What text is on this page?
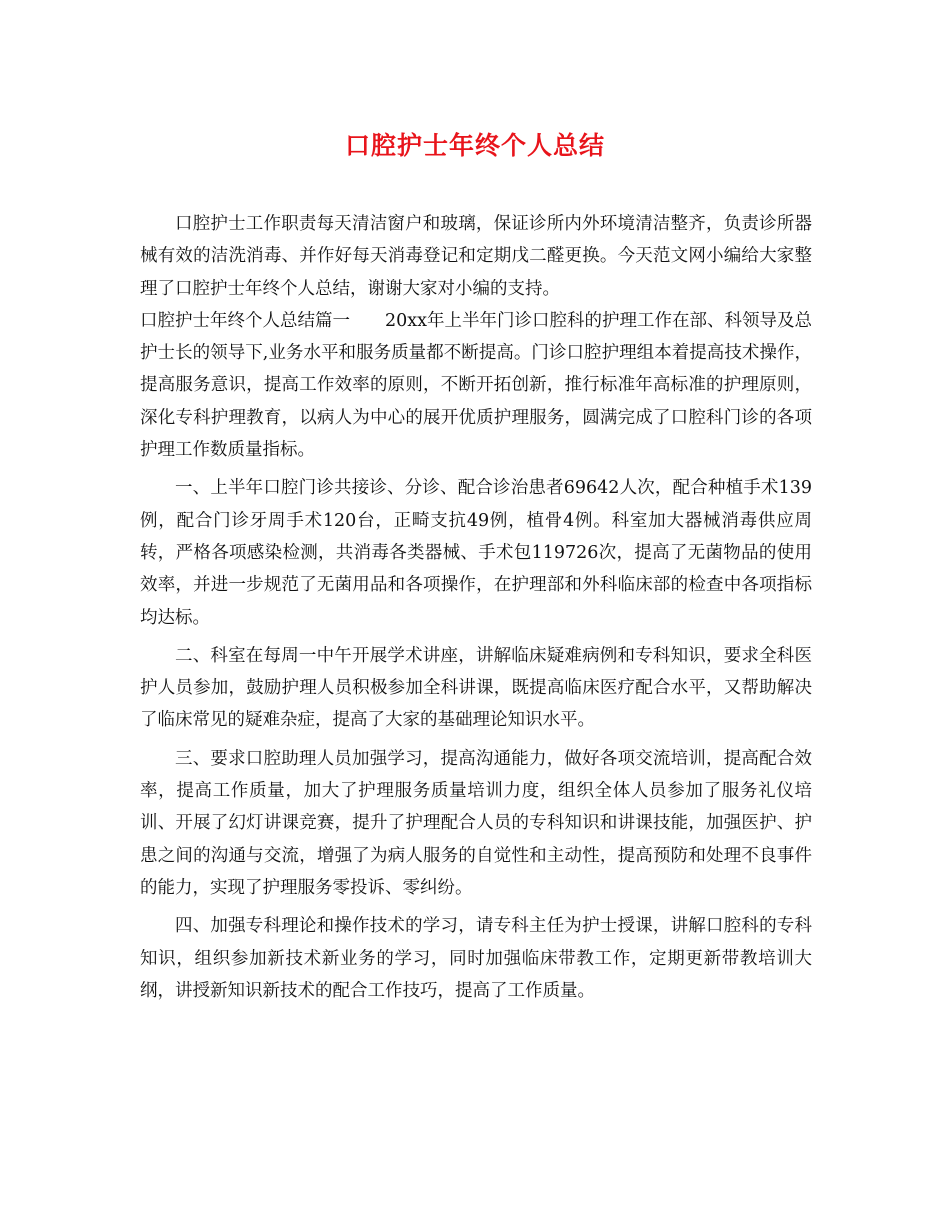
口腔护士年终个人总结

口腔护士工作职责每天清洁窗户和玻璃，保证诊所内外环境清洁整齐，负责诊所器械有效的洁洗消毒、并作好每天消毒登记和定期戊二醛更换。今天范文网小编给大家整理了口腔护士年终个人总结，谢谢大家对小编的支持。

口腔护士年终个人总结篇一　　20xx年上半年门诊口腔科的护理工作在部、科领导及总护士长的领导下,业务水平和服务质量都不断提高。门诊口腔护理组本着提高技术操作，提高服务意识，提高工作效率的原则，不断开拓创新，推行标准年高标准的护理原则，深化专科护理教育，以病人为中心的展开优质护理服务，圆满完成了口腔科门诊的各项护理工作数质量指标。

一、上半年口腔门诊共接诊、分诊、配合诊治患者69642人次，配合种植手术139例，配合门诊牙周手术120台，正畸支抗49例，植骨4例。科室加大器械消毒供应周转，严格各项感染检测，共消毒各类器械、手术包119726次，提高了无菌物品的使用效率，并进一步规范了无菌用品和各项操作，在护理部和外科临床部的检查中各项指标均达标。

二、科室在每周一中午开展学术讲座，讲解临床疑难病例和专科知识，要求全科医护人员参加，鼓励护理人员积极参加全科讲课，既提高临床医疗配合水平，又帮助解决了临床常见的疑难杂症，提高了大家的基础理论知识水平。

三、要求口腔助理人员加强学习，提高沟通能力，做好各项交流培训，提高配合效率，提高工作质量，加大了护理服务质量培训力度，组织全体人员参加了服务礼仪培训、开展了幻灯讲课竞赛，提升了护理配合人员的专科知识和讲课技能，加强医护、护患之间的沟通与交流，增强了为病人服务的自觉性和主动性，提高预防和处理不良事件的能力，实现了护理服务零投诉、零纠纷。

四、加强专科理论和操作技术的学习，请专科主任为护士授课，讲解口腔科的专科知识，组织参加新技术新业务的学习，同时加强临床带教工作，定期更新带教培训大纲，讲授新知识新技术的配合工作技巧，提高了工作质量。
